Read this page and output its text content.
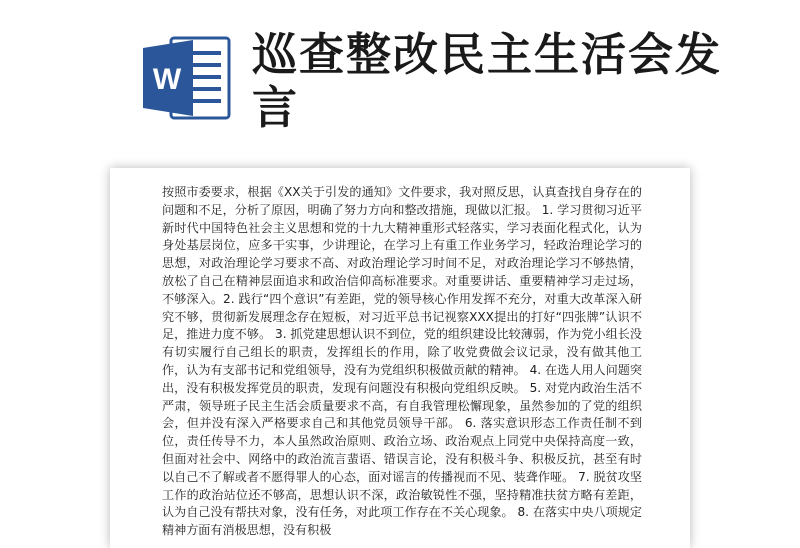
W 巡查整改民主生活会发言

按照市委要求，根据《XX关于引发的通知》文件要求，我对照反思，认真查找自身存在的问题和不足，分析了原因，明确了努力方向和整改措施，现做以汇报。 1. 学习贯彻习近平新时代中国特色社会主义思想和党的十九大精神重形式轻落实，学习表面化程式化，认为身处基层岗位，应多干实事，少讲理论，在学习上有重工作业务学习，轻政治理论学习的思想，对政治理论学习要求不高、对政治理论学习时间不足，对政治理论学习不够热情，放松了自己在精神层面追求和政治信仰高标准要求。对重要讲话、重要精神学习走过场，不够深入。2. 践行“四个意识”有差距，党的领导核心作用发挥不充分，对重大改革深入研究不够，贯彻新发展理念存在短板，对习近平总书记视察XXX提出的打好“四张牌”认识不足，推进力度不够。 3. 抓党建思想认识不到位，党的组织建设比较薄弱，作为党小组长没有切实履行自己组长的职责，发挥组长的作用，除了收党费做会议记录，没有做其他工作，认为有支部书记和党组领导，没有为党组织积极做贡献的精神。 4. 在选人用人问题突出，没有积极发挥党员的职责，发现有问题没有积极向党组织反映。 5. 对党内政治生活不严肃，领导班子民主生活会质量要求不高，有自我管理松懈现象，虽然参加的了党的组织会，但并没有深入严格要求自己和其他党员领导干部。 6. 落实意识形态工作责任制不到位，责任传导不力，本人虽然政治原则、政治立场、政治观点上同党中央保持高度一致，但面对社会中、网络中的政治流言蜚语、错误言论，没有积极斗争、积极反抗，甚至有时以自己不了解或者不愿得罪人的心态，面对谣言的传播视而不见、装聋作哑。 7. 脱贫攻坚工作的政治站位还不够高，思想认识不深，政治敏锐性不强，坚持精准扶贫方略有差距，认为自己没有帮扶对象，没有任务，对此项工作存在不关心现象。 8. 在落实中央八项规定精神方面有消极思想，没有积极
